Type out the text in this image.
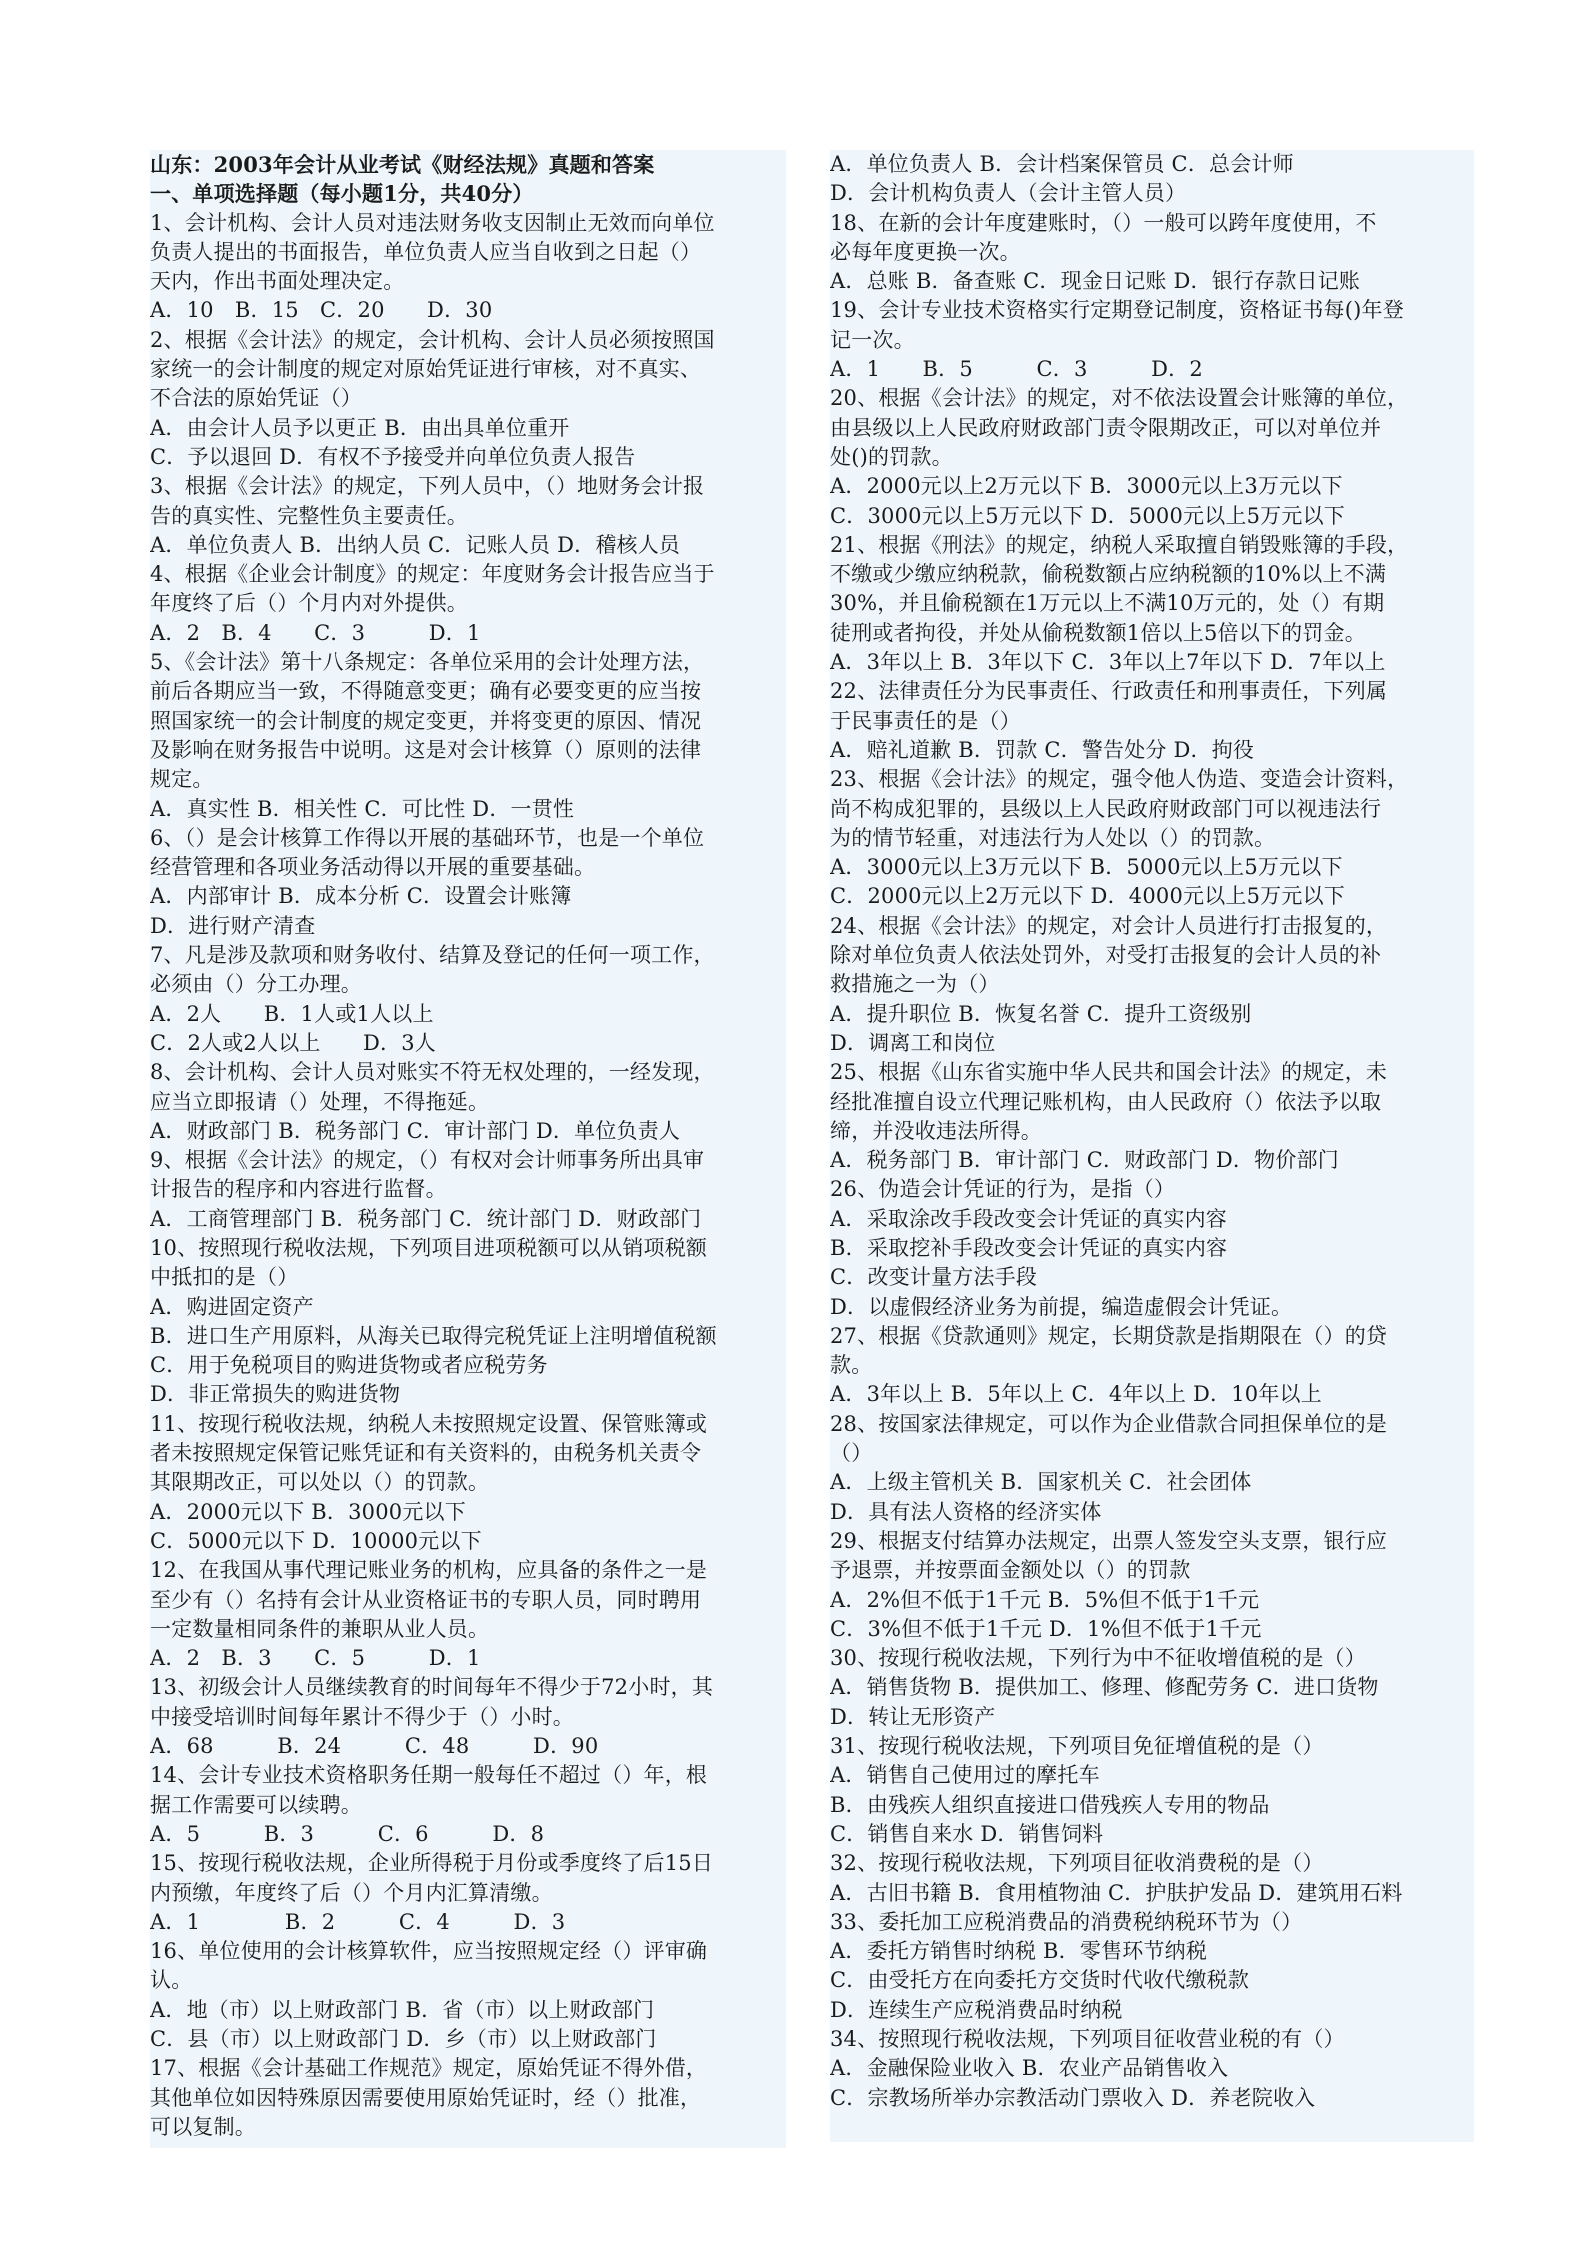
山东：2003年会计从业考试《财经法规》真题和答案
一、单项选择题（每小题1分，共40分）
1、会计机构、会计人员对违法财务收支因制止无效而向单位
负责人提出的书面报告，单位负责人应当自收到之日起（）
天内，作出书面处理决定。
A．10　B．15　C．20　　D．30
2、根据《会计法》的规定，会计机构、会计人员必须按照国
家统一的会计制度的规定对原始凭证进行审核，对不真实、
不合法的原始凭证（）
A．由会计人员予以更正 B．由出具单位重开
C．予以退回 D．有权不予接受并向单位负责人报告
3、根据《会计法》的规定，下列人员中，（）地财务会计报
告的真实性、完整性负主要责任。
A．单位负责人 B．出纳人员 C．记账人员 D．稽核人员
4、根据《企业会计制度》的规定：年度财务会计报告应当于
年度终了后（）个月内对外提供。
A．2　B．4　　C．3　　　D．1
5、《会计法》第十八条规定：各单位采用的会计处理方法，
前后各期应当一致，不得随意变更；确有必要变更的应当按
照国家统一的会计制度的规定变更，并将变更的原因、情况
及影响在财务报告中说明。这是对会计核算（）原则的法律
规定。
A．真实性 B．相关性 C．可比性 D．一贯性
6、（）是会计核算工作得以开展的基础环节，也是一个单位
经营管理和各项业务活动得以开展的重要基础。
A．内部审计 B．成本分析 C．设置会计账簿
D．进行财产清查
7、凡是涉及款项和财务收付、结算及登记的任何一项工作，
必须由（）分工办理。
A．2人　　B．1人或1人以上
C．2人或2人以上　　D．3人
8、会计机构、会计人员对账实不符无权处理的，一经发现，
应当立即报请（）处理，不得拖延。
A．财政部门 B．税务部门 C．审计部门 D．单位负责人
9、根据《会计法》的规定，（）有权对会计师事务所出具审
计报告的程序和内容进行监督。
A．工商管理部门 B．税务部门 C．统计部门 D．财政部门
10、按照现行税收法规，下列项目进项税额可以从销项税额
中抵扣的是（）
A．购进固定资产
B．进口生产用原料，从海关已取得完税凭证上注明增值税额
C．用于免税项目的购进货物或者应税劳务
D．非正常损失的购进货物
11、按现行税收法规，纳税人未按照规定设置、保管账簿或
者未按照规定保管记账凭证和有关资料的，由税务机关责令
其限期改正，可以处以（）的罚款。
A．2000元以下 B．3000元以下
C．5000元以下 D．10000元以下
12、在我国从事代理记账业务的机构，应具备的条件之一是
至少有（）名持有会计从业资格证书的专职人员，同时聘用
一定数量相同条件的兼职从业人员。
A．2　B．3　　C．5　　　D．1
13、初级会计人员继续教育的时间每年不得少于72小时，其
中接受培训时间每年累计不得少于（）小时。
A．68　　　B．24　　　C．48　　　D．90
14、会计专业技术资格职务任期一般每任不超过（）年，根
据工作需要可以续聘。
A．5　　　B．3　　　C．6　　　D．8
15、按现行税收法规，企业所得税于月份或季度终了后15日
内预缴，年度终了后（）个月内汇算清缴。
A．1　　　　B．2　　　C．4　　　D．3
16、单位使用的会计核算软件，应当按照规定经（）评审确
认。
A．地（市）以上财政部门 B．省（市）以上财政部门
C．县（市）以上财政部门 D．乡（市）以上财政部门
17、根据《会计基础工作规范》规定，原始凭证不得外借，
其他单位如因特殊原因需要使用原始凭证时，经（）批准，
可以复制。
A．单位负责人 B．会计档案保管员 C．总会计师
D．会计机构负责人（会计主管人员）
18、在新的会计年度建账时，（）一般可以跨年度使用，不
必每年度更换一次。
A．总账 B．备查账 C．现金日记账 D．银行存款日记账
19、会计专业技术资格实行定期登记制度，资格证书每()年登
记一次。
A．1　　B．5　　　C．3　　　D．2
20、根据《会计法》的规定，对不依法设置会计账簿的单位，
由县级以上人民政府财政部门责令限期改正，可以对单位并
处()的罚款。
A．2000元以上2万元以下 B．3000元以上3万元以下
C．3000元以上5万元以下 D．5000元以上5万元以下
21、根据《刑法》的规定，纳税人采取擅自销毁账簿的手段，
不缴或少缴应纳税款，偷税数额占应纳税额的10%以上不满
30%，并且偷税额在1万元以上不满10万元的，处（）有期
徒刑或者拘役，并处从偷税数额1倍以上5倍以下的罚金。
A．3年以上 B．3年以下 C．3年以上7年以下 D．7年以上
22、法律责任分为民事责任、行政责任和刑事责任，下列属
于民事责任的是（）
A．赔礼道歉 B．罚款 C．警告处分 D．拘役
23、根据《会计法》的规定，强令他人伪造、变造会计资料，
尚不构成犯罪的，县级以上人民政府财政部门可以视违法行
为的情节轻重，对违法行为人处以（）的罚款。
A．3000元以上3万元以下 B．5000元以上5万元以下
C．2000元以上2万元以下 D．4000元以上5万元以下
24、根据《会计法》的规定，对会计人员进行打击报复的，
除对单位负责人依法处罚外，对受打击报复的会计人员的补
救措施之一为（）
A．提升职位 B．恢复名誉 C．提升工资级别
D．调离工和岗位
25、根据《山东省实施中华人民共和国会计法》的规定，未
经批准擅自设立代理记账机构，由人民政府（）依法予以取
缔，并没收违法所得。
A．税务部门 B．审计部门 C．财政部门 D．物价部门
26、伪造会计凭证的行为，是指（）
A．采取涂改手段改变会计凭证的真实内容
B．采取挖补手段改变会计凭证的真实内容
C．改变计量方法手段
D．以虚假经济业务为前提，编造虚假会计凭证。
27、根据《贷款通则》规定，长期贷款是指期限在（）的贷
款。
A．3年以上 B．5年以上 C．4年以上 D．10年以上
28、按国家法律规定，可以作为企业借款合同担保单位的是
（）
A．上级主管机关 B．国家机关 C．社会团体
D．具有法人资格的经济实体
29、根据支付结算办法规定，出票人签发空头支票，银行应
予退票，并按票面金额处以（）的罚款
A．2%但不低于1千元 B．5%但不低于1千元
C．3%但不低于1千元 D．1%但不低于1千元
30、按现行税收法规，下列行为中不征收增值税的是（）
A．销售货物 B．提供加工、修理、修配劳务 C．进口货物
D．转让无形资产
31、按现行税收法规，下列项目免征增值税的是（）
A．销售自己使用过的摩托车
B．由残疾人组织直接进口借残疾人专用的物品
C．销售自来水 D．销售饲料
32、按现行税收法规，下列项目征收消费税的是（）
A．古旧书籍 B．食用植物油 C．护肤护发品 D．建筑用石料
33、委托加工应税消费品的消费税纳税环节为（）
A．委托方销售时纳税 B．零售环节纳税
C．由受托方在向委托方交货时代收代缴税款
D．连续生产应税消费品时纳税
34、按照现行税收法规，下列项目征收营业税的有（）
A．金融保险业收入 B．农业产品销售收入
C．宗教场所举办宗教活动门票收入 D．养老院收入
